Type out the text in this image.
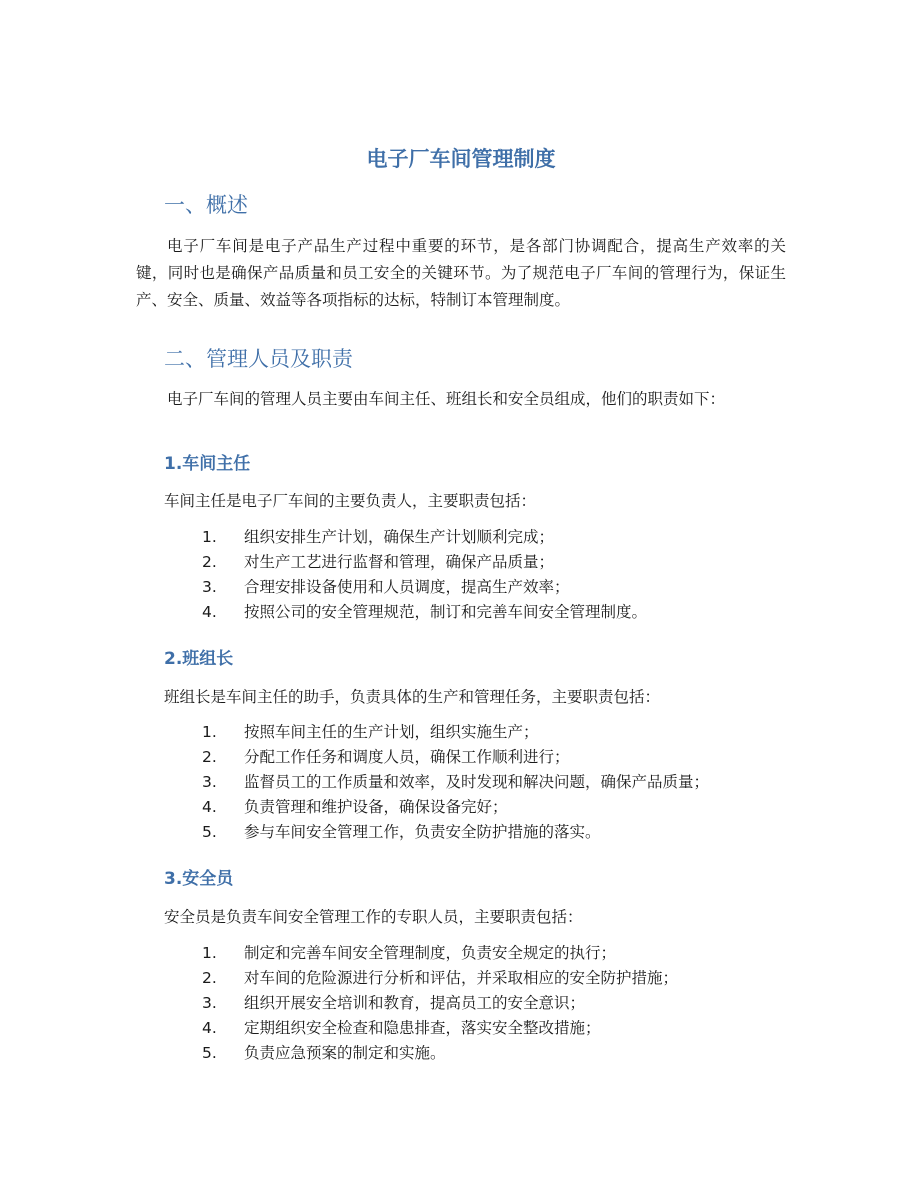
电子厂车间管理制度
一、概述

电子厂车间是电子产品生产过程中重要的环节，是各部门协调配合，提高生产效率的关键，同时也是确保产品质量和员工安全的关键环节。为了规范电子厂车间的管理行为，保证生产、安全、质量、效益等各项指标的达标，特制订本管理制度。

二、管理人员及职责

电子厂车间的管理人员主要由车间主任、班组长和安全员组成，他们的职责如下：

1.车间主任

车间主任是电子厂车间的主要负责人，主要职责包括：

1. 组织安排生产计划，确保生产计划顺利完成；
2. 对生产工艺进行监督和管理，确保产品质量；
3. 合理安排设备使用和人员调度，提高生产效率；
4. 按照公司的安全管理规范，制订和完善车间安全管理制度。
2.班组长

班组长是车间主任的助手，负责具体的生产和管理任务，主要职责包括：

1. 按照车间主任的生产计划，组织实施生产；
2. 分配工作任务和调度人员，确保工作顺利进行；
3. 监督员工的工作质量和效率，及时发现和解决问题，确保产品质量；
4. 负责管理和维护设备，确保设备完好；
5. 参与车间安全管理工作，负责安全防护措施的落实。
3.安全员

安全员是负责车间安全管理工作的专职人员，主要职责包括：

1. 制定和完善车间安全管理制度，负责安全规定的执行；
2. 对车间的危险源进行分析和评估，并采取相应的安全防护措施；
3. 组织开展安全培训和教育，提高员工的安全意识；
4. 定期组织安全检查和隐患排查，落实安全整改措施；
5. 负责应急预案的制定和实施。
